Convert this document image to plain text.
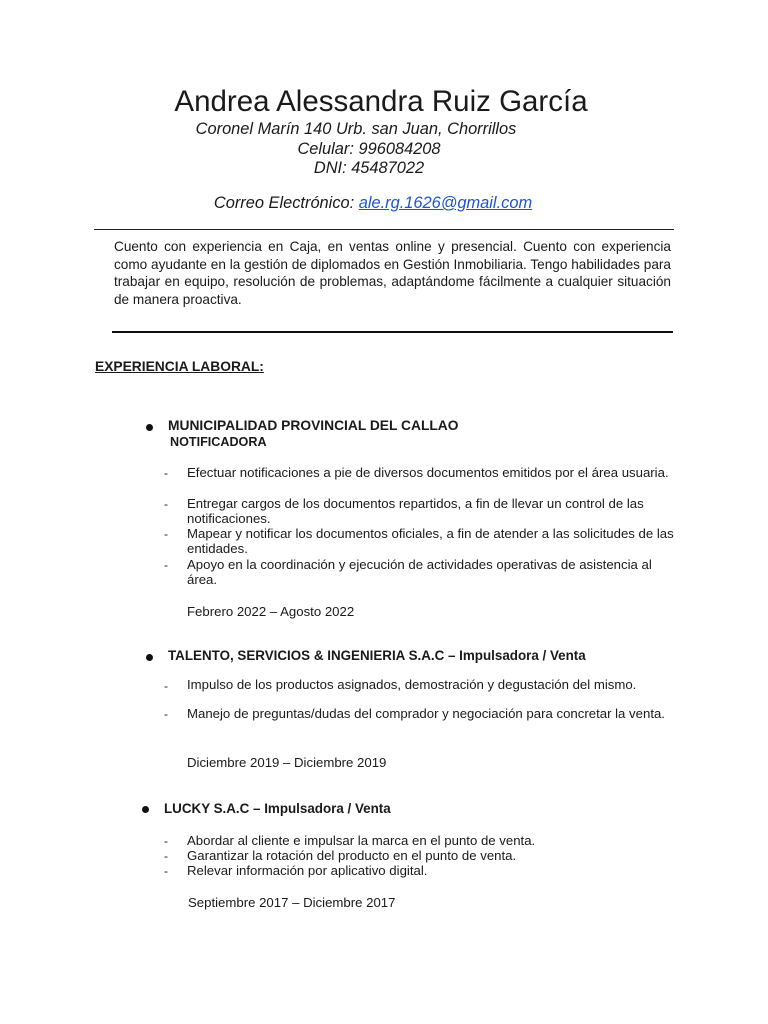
Andrea Alessandra Ruiz García
Coronel Marín 140 Urb. san Juan, Chorrillos
Celular: 996084208
DNI: 45487022
Correo Electrónico: ale.rg.1626@gmail.com
Cuento con experiencia en Caja, en ventas online y presencial. Cuento con experiencia como ayudante en la gestión de diplomados en Gestión Inmobiliaria. Tengo habilidades para trabajar en equipo, resolución de problemas, adaptándome fácilmente a cualquier situación de manera proactiva.
EXPERIENCIA LABORAL:
MUNICIPALIDAD PROVINCIAL DEL CALLAO
NOTIFICADORA
- Efectuar notificaciones a pie de diversos documentos emitidos por el área usuaria.
- Entregar cargos de los documentos repartidos, a fin de llevar un control de las notificaciones.
- Mapear y notificar los documentos oficiales, a fin de atender a las solicitudes de las entidades.
- Apoyo en la coordinación y ejecución de actividades operativas de asistencia al área.
Febrero 2022 – Agosto 2022
TALENTO, SERVICIOS & INGENIERIA S.A.C – Impulsadora / Venta
- Impulso de los productos asignados, demostración y degustación del mismo.
- Manejo de preguntas/dudas del comprador y negociación para concretar la venta.
Diciembre 2019 – Diciembre 2019
LUCKY S.A.C – Impulsadora / Venta
- Abordar al cliente e impulsar la marca en el punto de venta.
- Garantizar la rotación del producto en el punto de venta.
- Relevar información por aplicativo digital.
Septiembre 2017 – Diciembre 2017
